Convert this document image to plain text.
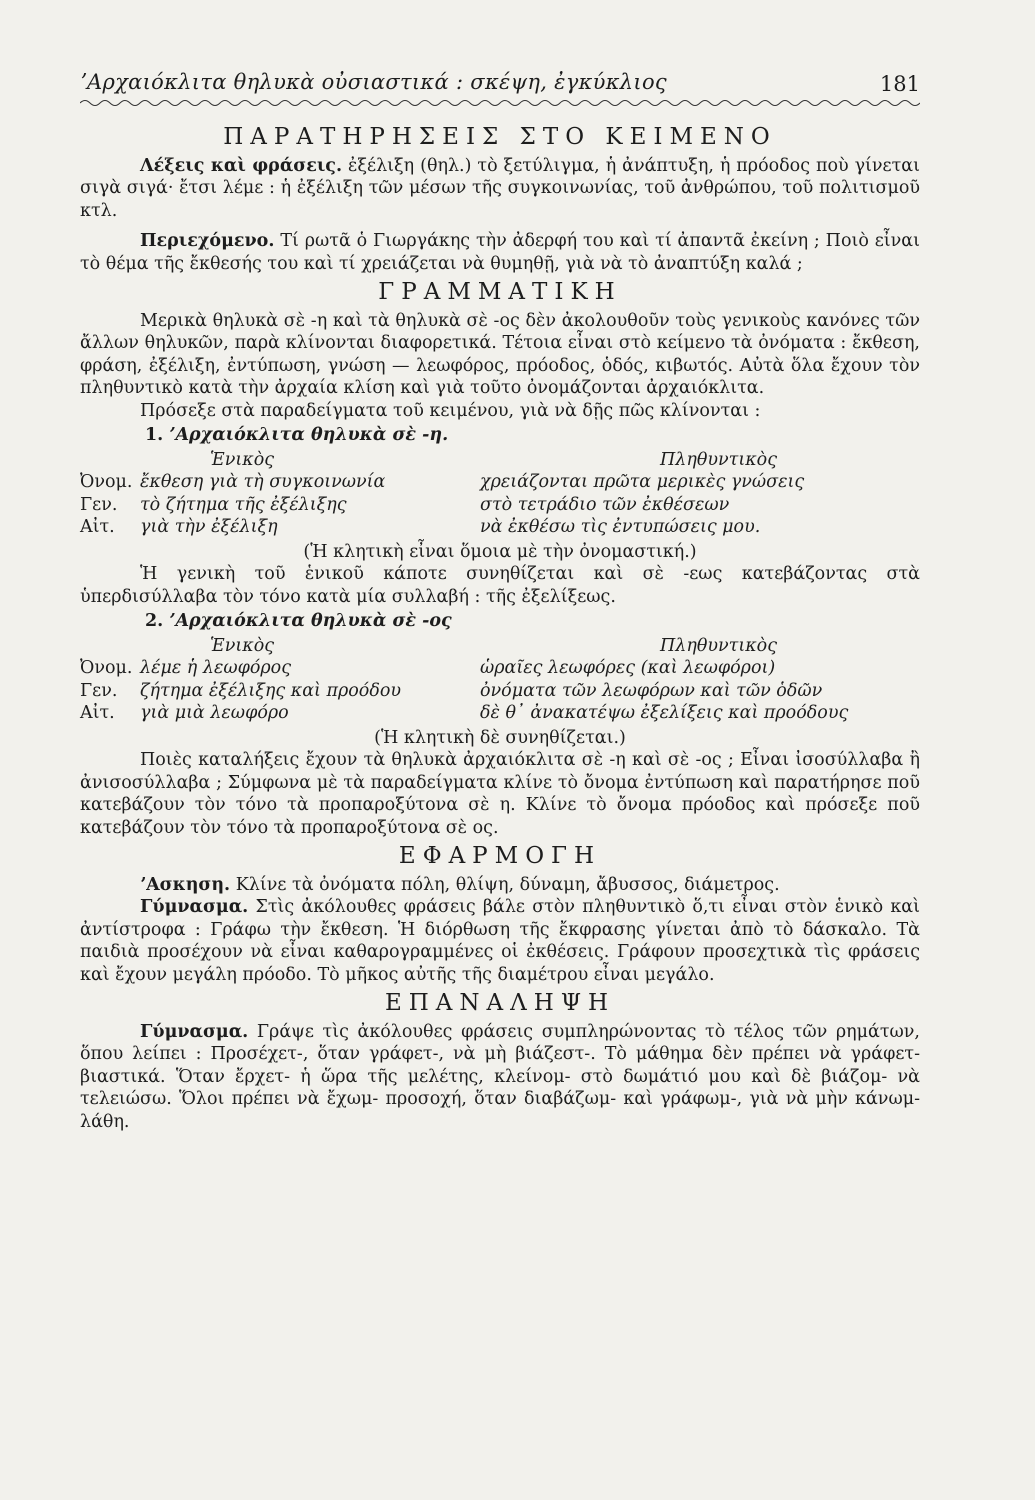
ʼΑρχαιόκλιτα θηλυκὰ οὐσιαστικά : σκέψη, ἐγκύκλιος	181
ΠΑΡΑΤΗΡΗΣΕΙΣ ΣΤΟ ΚΕΙΜΕΝΟ

Λέξεις καὶ φράσεις. ἐξέλιξη (θηλ.) τὸ ξετύλιγμα, ἡ ἀνάπτυξη, ἡ πρόοδος ποὺ γίνεται σιγὰ σιγά· ἔτσι λέμε : ἡ ἐξέλιξη τῶν μέσων τῆς συγκοινωνίας, τοῦ ἀνθρώπου, τοῦ πολιτισμοῦ κτλ.

Περιεχόμενο. Τί ρωτᾶ ὁ Γιωργάκης τὴν ἀδερφή του καὶ τί ἀπαντᾶ ἐκείνη ; Ποιὸ εἶναι τὸ θέμα τῆς ἔκθεσής του καὶ τί χρειάζεται νὰ θυμηθῇ, γιὰ νὰ τὸ ἀναπτύξη καλά ;

ΓΡΑΜΜΑΤΙΚΗ

Μερικὰ θηλυκὰ σὲ -η καὶ τὰ θηλυκὰ σὲ -ος δὲν ἀκολουθοῦν τοὺς γενικοὺς κανόνες τῶν ἄλλων θηλυκῶν, παρὰ κλίνονται διαφορετικά. Τέτοια εἶναι στὸ κείμενο τὰ ὀνόματα : ἔκθεση, φράση, ἐξέλιξη, ἐντύπωση, γνώση — λεωφόρος, πρόοδος, ὁδός, κιβωτός. Αὐτὰ ὅλα ἔχουν τὸν πληθυντικὸ κατὰ τὴν ἀρχαία κλίση καὶ γιὰ τοῦτο ὀνομάζονται ἀρχαιόκλιτα.

Πρόσεξε στὰ παραδείγματα τοῦ κειμένου, γιὰ νὰ δῇς πῶς κλίνονται :

1. ʼΑρχαιόκλιτα θηλυκὰ σὲ -η.
Ἑνικὸς	Πληθυντικὸς
Ὀνομ. ἔκθεση γιὰ τὴ συγκοινωνία	χρειάζονται πρῶτα μερικὲς γνώσεις
Γεν.	τὸ ζήτημα τῆς ἐξέλιξης	στὸ τετράδιο τῶν ἐκθέσεων
Αἰτ.	γιὰ τὴν ἐξέλιξη	νὰ ἐκθέσω τὶς ἐντυπώσεις μου.

(Ἡ κλητικὴ εἶναι ὅμοια μὲ τὴν ὀνομαστική.)

Ἡ γενικὴ τοῦ ἑνικοῦ κάποτε συνηθίζεται καὶ σὲ -εως κατεβάζοντας στὰ ὑπερδισύλλαβα τὸν τόνο κατὰ μία συλλαβή : τῆς ἐξελίξεως.

2. ʼΑρχαιόκλιτα θηλυκὰ σὲ -ος
Ἑνικὸς	Πληθυντικὸς
Ὀνομ. λέμε ἡ λεωφόρος	ὡραῖες λεωφόρες (καὶ λεωφόροι)
Γεν.	ζήτημα ἐξέλιξης καὶ προόδου	ὀνόματα τῶν λεωφόρων καὶ τῶν ὁδῶν
Αἰτ.	γιὰ μιὰ λεωφόρο	δὲ θ᾽ ἀνακατέψω ἐξελίξεις καὶ προόδους

(Ἡ κλητικὴ δὲ συνηθίζεται.)

Ποιὲς καταλήξεις ἔχουν τὰ θηλυκὰ ἀρχαιόκλιτα σὲ -η καὶ σὲ -ος ; Εἶναι ἰσοσύλλαβα ἢ ἀνισοσύλλαβα ; Σύμφωνα μὲ τὰ παραδείγματα κλίνε τὸ ὄνομα ἐντύπωση καὶ παρατήρησε ποῦ κατεβάζουν τὸν τόνο τὰ προπαροξύτονα σὲ η. Κλίνε τὸ ὄνομα πρόοδος καὶ πρόσεξε ποῦ κατεβάζουν τὸν τόνο τὰ προπαροξύτονα σὲ ος.

ΕΦΑΡΜΟΓΗ

ʼΑσκηση. Κλίνε τὰ ὀνόματα πόλη, θλίψη, δύναμη, ἄβυσσος, διάμετρος.

Γύμνασμα. Στὶς ἀκόλουθες φράσεις βάλε στὸν πληθυντικὸ ὅ,τι εἶναι στὸν ἑνικὸ καὶ ἀντίστροφα : Γράφω τὴν ἔκθεση. Ἡ διόρθωση τῆς ἔκφρασης γίνεται ἀπὸ τὸ δάσκαλο. Τὰ παιδιὰ προσέχουν νὰ εἶναι καθαρογραμμένες οἱ ἐκθέσεις. Γράφουν προσεχτικὰ τὶς φράσεις καὶ ἔχουν μεγάλη πρόοδο. Τὸ μῆκος αὐτῆς τῆς διαμέτρου εἶναι μεγάλο.

ΕΠΑΝΑΛΗΨΗ

Γύμνασμα. Γράψε τὶς ἀκόλουθες φράσεις συμπληρώνοντας τὸ τέλος τῶν ρημάτων, ὅπου λείπει : Προσέχετ-, ὅταν γράφετ-, νὰ μὴ βιάζεστ-. Τὸ μάθημα δὲν πρέπει νὰ γράφετ- βιαστικά. Ὅταν ἔρχετ- ἡ ὥρα τῆς μελέτης, κλείνομ- στὸ δωμάτιό μου καὶ δὲ βιάζομ- νὰ τελειώσω. Ὅλοι πρέπει νὰ ἔχωμ- προσοχή, ὅταν διαβάζωμ- καὶ γράφωμ-, γιὰ νὰ μὴν κάνωμ- λάθη.
